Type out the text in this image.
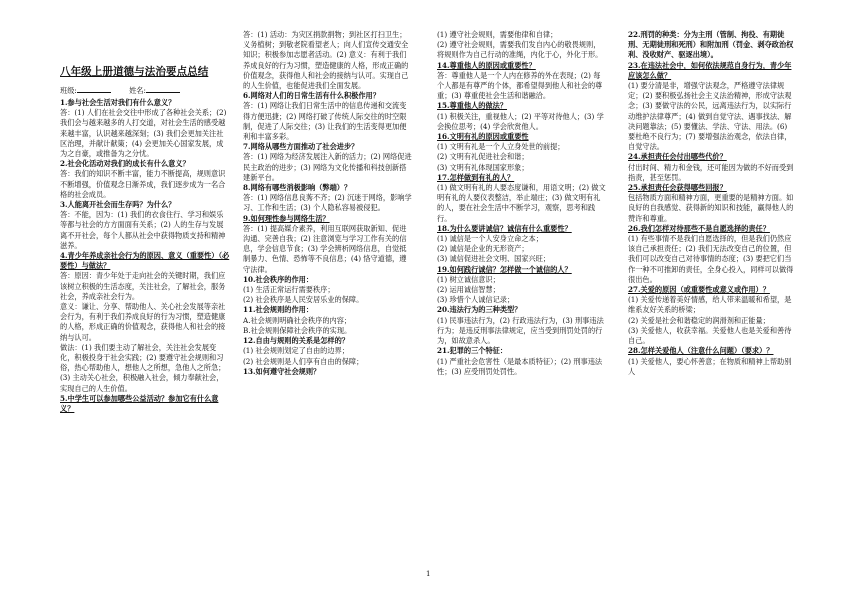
八年级上册道德与法治要点总结
班级:	姓名:

1.参与社会生活对我们有什么意义？

答：(1) 人们在社会交往中形成了各种社会关系；(2) 我们会与越来越多的人打交道，对社会生活的感受越来越丰富，认识越来越深刻；(3) 我们会更加关注社区治理，并献计献策；(4) 会更加关心国家发展，成为之自豪，或推备为之分忧。

2.社会化活动对我们的成长有什么意义？

答：我们的知识不断丰富，能力不断提高，规则意识不断增强，价值观念日渐养成，我们逐步成为一名合格的社会成员。

3.人能离开社会而生存吗？为什么？

答：不能，因为：(1) 我们的衣食住行、学习和娱乐等都与社会的方方面面有关系；(2) 人的生存与发展离不开社会，每个人都从社会中获得物质支持和精神滋养。

4.青少年养成亲社会行为的原因、意义（重要性）（必要性）与做法？

答：原因：青少年处于走向社会的关键时期，我们应该树立积极的生活态度，关注社会，了解社会，服务社会，养成亲社会行为。

意义：谦让、分享、帮助他人、关心社会发展等亲社会行为，有利于我们养成良好的行为习惯，塑造健康的人格，形成正确的价值观念，获得他人和社会的接纳与认可。

做法：(1) 我们要主动了解社会，关注社会发展变化，积极投身于社会实践；(2) 要遵守社会规则和习俗，热心帮助他人，想他人之所想，急他人之所急；(3) 主动关心社会，积极融入社会，倾力奉献社会，实现自己的人生价值。

5.中学生可以参加哪些公益活动？参加它有什么意义？

答：(1) 活动：为灾区捐款捐物；到社区打扫卫生；义务植树；到敬老院看望老人；向人们宣传交通安全知识；积极参加志愿者活动。(2) 意义：有利于我们养成良好的行为习惯，塑造健康的人格，形成正确的价值观念，获得他人和社会的接纳与认可。实现自己的人生价值，也能促进我们全面发展。

6.网络对人们的日常生活有什么积极作用？

答：(1) 网络让我们日常生活中的信息传递和交流变得方便迅捷；(2) 网络打破了传统人际交往的时空限制，促进了人际交往；(3) 让我们的生活变得更加便利和丰富多彩。

7.网络从哪些方面推动了社会进步？

答：(1) 网络为经济发展注入新的活力；(2) 网络促进民主政治的进步；(3) 网络为文化传播和科技创新搭建新平台。

8.网络有哪些消极影响（弊端）？

答：(1) 网络信息良莠不齐；(2) 沉迷于网络，影响学习、工作和生活；(3) 个人隐私容易被侵犯。

9.如何理性参与网络生活？

答：(1) 提高媒介素养，利用互联网获取新知、促进沟通、完善自我；(2) 注意浏览与学习工作有关的信息，学会信息节食；(3) 学会辨析网络信息，自觉抵制暴力、色情、恐怖等不良信息；(4) 恪守道德，遵守法律。

10.社会秩序的作用：

(1) 生活正常运行需要秩序；

(2) 社会秩序是人民安居乐业的保障。

11.社会规则的作用：

A.社会规则明确社会秩序的内容；

B.社会规则保障社会秩序的实现。

12.自由与规则的关系是怎样的？

(1) 社会规则划定了自由的边界；

(2) 社会规则是人们享有自由的保障；

13.如何遵守社会规则？

(1) 遵守社会规则，需要他律和自律；

(2) 遵守社会规则，需要我们发自内心的敬畏规则，将规则作为自己行动的准绳，内化于心，外化于形。

14.尊重他人的原因或重要性？

答：尊重他人是一个人内在修养的外在表现；(2) 每个人都是有尊严的个体，都希望得到他人和社会的尊重；(3) 尊重使社会生活和谐融洽。

15.尊重他人的做法？

(1) 积极关注，重视他人；(2) 平等对待他人；(3) 学会换位思考；(4) 学会欣赏他人。

16.文明有礼的原因或重要性

(1) 文明有礼是一个人立身处世的前提；

(2) 文明有礼促进社会和谐；

(3) 文明有礼体现国家形象；

17.怎样做到有礼的人？

(1) 做文明有礼的人要态度谦和，用语文明；(2) 做文明有礼的人要仪表整洁，举止端庄；(3) 做文明有礼的人，要在社会生活中不断学习，观察，思考和践行。

18.为什么要讲诚信？诚信有什么重要性？

(1) 诚信是一个人安身立命之本；

(2) 诚信是企业的无形资产；

(3) 诚信促进社会文明、国家兴旺；

19.如何践行诚信？怎样做一个诚信的人？

(1) 树立诚信意识；

(2) 运用诚信智慧；

(3) 珍惜个人诚信记录；

20.违法行为的三种类型？

(1) 民事违法行为，(2) 行政违法行为，(3) 刑事违法行为；是违反刑事法律规定，应当受到刑罚处罚的行为，如故意杀人。

21.犯罪的三个特征：

(1) 严重社会危害性（是最本质特征）；(2) 刑事违法性；(3) 应受刑罚处罚性。

22.刑罚的种类：分为主刑（管制、拘役、有期徒刑、无期徒刑和死刑）和附加刑（罚金、剥夺政治权利、没收财产、驱逐出境）。

23.在违法社会中，如何依法规范自身行为，青少年应该怎么做？

(1) 要分清是非，增强守法观念，严格遵守法律规定；(2) 要积极弘扬社会主义法治精神，形成守法观念；(3) 要做守法的公民，远离违法行为，以实际行动维护法律尊严；(4) 做到自觉守法、遇事找法、解决问题靠法；(5) 要懂法、学法、守法、用法。(6) 要杜绝不良行为；(7) 要增强法治观念，依法自律，自觉守法。

24.承担责任会付出哪些代价？

付出时间、精力和金钱，还可能因为做的不好而受到指责，甚至惩罚。

25.承担责任会获得哪些回报？

包括物质方面和精神方面，更重要的是精神方面。如良好的自我感觉、获得新的知识和技能，赢得他人的赞许和尊重。

26.我们怎样对待那些不是自愿选择的责任？

(1) 有些事情不是我们自愿选择的，但是我们仍然应该自己承担责任；(2) 我们无法改变自己的位置，但我们可以改变自己对待事情的态度；(3) 要把它们当作一种不可推卸的责任，全身心投入，同样可以做得很出色。

27.关爱的原因（或重要性或意义或作用）？

(1) 关爱传递着美好情感，给人带来温暖和希望，是维系友好关系的桥梁；

(2) 关爱是社会和谐稳定的润滑剂和正能量；

(3) 关爱他人，收获幸福。关爱他人也是关爱和善待自己。

28.怎样关爱他人（注意什么问题）（要求）？

(1) 关爱他人，要心怀善意；在物质和精神上帮助别人

1
